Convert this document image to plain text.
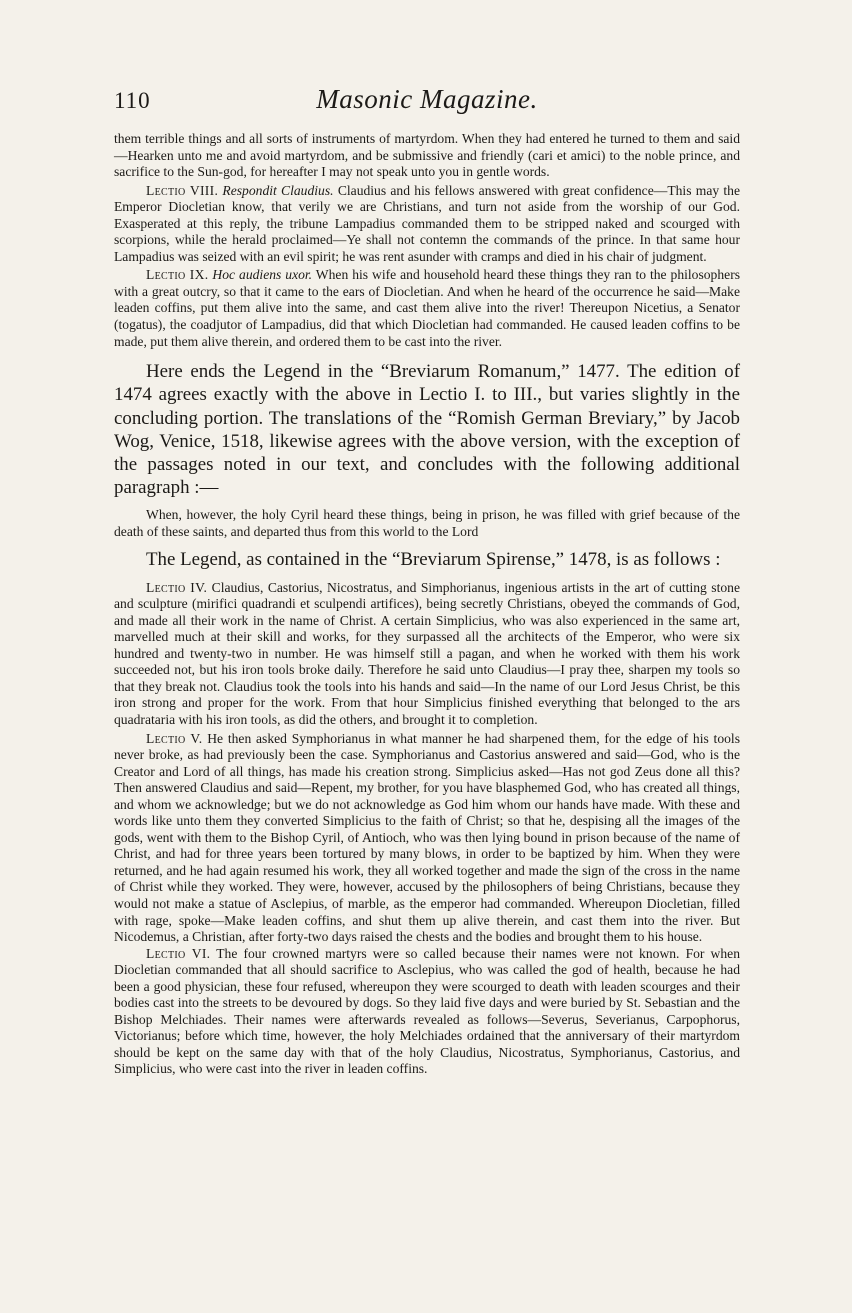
110	Masonic Magazine.

them terrible things and all sorts of instruments of martyrdom. When they had entered he turned to them and said—Hearken unto me and avoid martyrdom, and be submissive and friendly (cari et amici) to the noble prince, and sacrifice to the Sun-god, for hereafter I may not speak unto you in gentle words.

Lectio VIII. Respondit Claudius. Claudius and his fellows answered with great confidence—This may the Emperor Diocletian know, that verily we are Christians, and turn not aside from the worship of our God. Exasperated at this reply, the tribune Lampadius commanded them to be stripped naked and scourged with scorpions, while the herald proclaimed—Ye shall not contemn the commands of the prince. In that same hour Lampadius was seized with an evil spirit; he was rent asunder with cramps and died in his chair of judgment.

Lectio IX. Hoc audiens uxor. When his wife and household heard these things they ran to the philosophers with a great outcry, so that it came to the ears of Diocletian. And when he heard of the occurrence he said—Make leaden coffins, put them alive into the same, and cast them alive into the river! Thereupon Nicetius, a Senator (togatus), the coadjutor of Lampadius, did that which Diocletian had commanded. He caused leaden coffins to be made, put them alive therein, and ordered them to be cast into the river.

Here ends the Legend in the “Breviarum Romanum,” 1477. The edition of 1474 agrees exactly with the above in Lectio I. to III., but varies slightly in the concluding portion. The translations of the “Romish German Breviary,” by Jacob Wog, Venice, 1518, likewise agrees with the above version, with the exception of the passages noted in our text, and concludes with the following additional paragraph :—

When, however, the holy Cyril heard these things, being in prison, he was filled with grief because of the death of these saints, and departed thus from this world to the Lord

The Legend, as contained in the “Breviarum Spirense,” 1478, is as follows :

Lectio IV. Claudius, Castorius, Nicostratus, and Simphorianus, ingenious artists in the art of cutting stone and sculpture (mirifici quadrandi et sculpendi artifices), being secretly Christians, obeyed the commands of God, and made all their work in the name of Christ. A certain Simplicius, who was also experienced in the same art, marvelled much at their skill and works, for they surpassed all the architects of the Emperor, who were six hundred and twenty-two in number. He was himself still a pagan, and when he worked with them his work succeeded not, but his iron tools broke daily. Therefore he said unto Claudius—I pray thee, sharpen my tools so that they break not. Claudius took the tools into his hands and said—In the name of our Lord Jesus Christ, be this iron strong and proper for the work. From that hour Simplicius finished everything that belonged to the ars quadrataria with his iron tools, as did the others, and brought it to completion.

Lectio V. He then asked Symphorianus in what manner he had sharpened them, for the edge of his tools never broke, as had previously been the case. Symphorianus and Castorius answered and said—God, who is the Creator and Lord of all things, has made his creation strong. Simplicius asked—Has not god Zeus done all this? Then answered Claudius and said—Repent, my brother, for you have blasphemed God, who has created all things, and whom we acknowledge; but we do not acknowledge as God him whom our hands have made. With these and words like unto them they converted Simplicius to the faith of Christ; so that he, despising all the images of the gods, went with them to the Bishop Cyril, of Antioch, who was then lying bound in prison because of the name of Christ, and had for three years been tortured by many blows, in order to be baptized by him. When they were returned, and he had again resumed his work, they all worked together and made the sign of the cross in the name of Christ while they worked. They were, however, accused by the philosophers of being Christians, because they would not make a statue of Asclepius, of marble, as the emperor had commanded. Whereupon Diocletian, filled with rage, spoke—Make leaden coffins, and shut them up alive therein, and cast them into the river. But Nicodemus, a Christian, after forty-two days raised the chests and the bodies and brought them to his house.

Lectio VI. The four crowned martyrs were so called because their names were not known. For when Diocletian commanded that all should sacrifice to Asclepius, who was called the god of health, because he had been a good physician, these four refused, whereupon they were scourged to death with leaden scourges and their bodies cast into the streets to be devoured by dogs. So they laid five days and were buried by St. Sebastian and the Bishop Melchiades. Their names were afterwards revealed as follows—Severus, Severianus, Carpophorus, Victorianus; before which time, however, the holy Melchiades ordained that the anniversary of their martyrdom should be kept on the same day with that of the holy Claudius, Nicostratus, Symphorianus, Castorius, and Simplicius, who were cast into the river in leaden coffins.
